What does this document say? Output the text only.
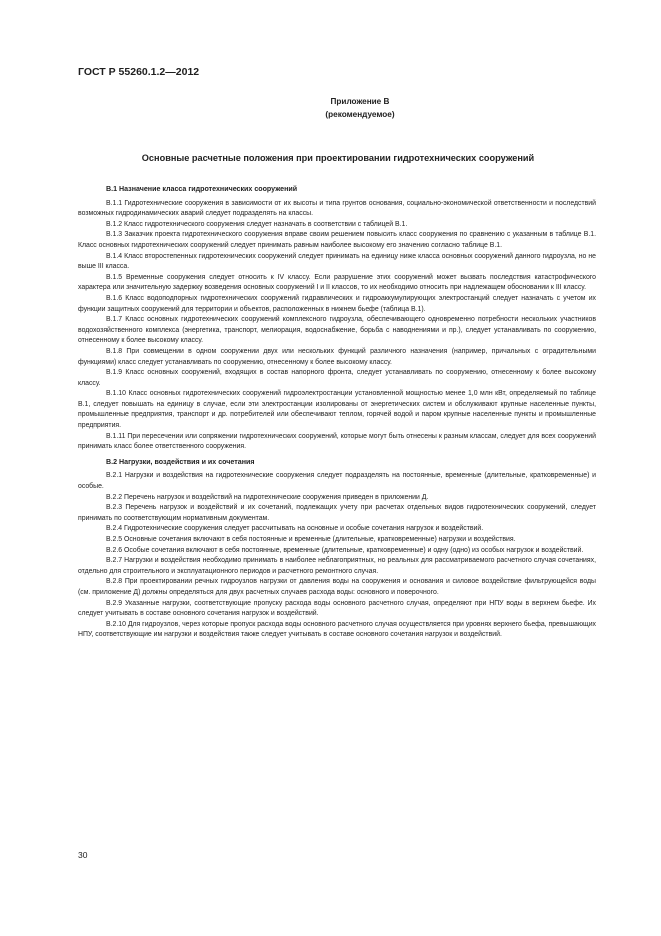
ГОСТ Р 55260.1.2—2012
Приложение В
(рекомендуемое)
Основные расчетные положения при проектировании гидротехнических сооружений
В.1 Назначение класса гидротехнических сооружений

В.1.1 Гидротехнические сооружения в зависимости от их высоты и типа грунтов основания, социально-экономической ответственности и последствий возможных гидродинамических аварий следует подразделять на классы.

В.1.2 Класс гидротехнического сооружения следует назначать в соответствии с таблицей В.1.

В.1.3 Заказчик проекта гидротехнического сооружения вправе своим решением повысить класс сооружения по сравнению с указанным в таблице В.1. Класс основных гидротехнических сооружений следует принимать равным наиболее высокому его значению согласно таблице В.1.

В.1.4 Класс второстепенных гидротехнических сооружений следует принимать на единицу ниже класса основных сооружений данного гидроузла, но не выше III класса.

В.1.5 Временные сооружения следует относить к IV классу. Если разрушение этих сооружений может вызвать последствия катастрофического характера или значительную задержку возведения основных сооружений I и II классов, то их необходимо относить при надлежащем обосновании к III классу.

В.1.6 Класс водоподпорных гидротехнических сооружений гидравлических и гидроаккумулирующих электростанций следует назначать с учетом их функции защитных сооружений для территории и объектов, расположенных в нижнем бьефе (таблица В.1).

В.1.7 Класс основных гидротехнических сооружений комплексного гидроузла, обеспечивающего одновременно потребности нескольких участников водохозяйственного комплекса (энергетика, транспорт, мелиорация, водоснабжение, борьба с наводнениями и пр.), следует устанавливать по сооружению, отнесенному к более высокому классу.

В.1.8 При совмещении в одном сооружении двух или нескольких функций различного назначения (например, причальных с оградительными функциями) класс следует устанавливать по сооружению, отнесенному к более высокому классу.

В.1.9 Класс основных сооружений, входящих в состав напорного фронта, следует устанавливать по сооружению, отнесенному к более высокому классу.

В.1.10 Класс основных гидротехнических сооружений гидроэлектростанции установленной мощностью менее 1,0 млн кВт, определяемый по таблице В.1, следует повышать на единицу в случае, если эти электростанции изолированы от энергетических систем и обслуживают крупные населенные пункты, промышленные предприятия, транспорт и др. потребителей или обеспечивают теплом, горячей водой и паром крупные населенные пункты и промышленные предприятия.

В.1.11 При пересечении или сопряжении гидротехнических сооружений, которые могут быть отнесены к разным классам, следует для всех сооружений принимать класс более ответственного сооружения.

В.2 Нагрузки, воздействия и их сочетания

В.2.1 Нагрузки и воздействия на гидротехнические сооружения следует подразделять на постоянные, временные (длительные, кратковременные) и особые.

В.2.2 Перечень нагрузок и воздействий на гидротехнические сооружения приведен в приложении Д.

В.2.3 Перечень нагрузок и воздействий и их сочетаний, подлежащих учету при расчетах отдельных видов гидротехнических сооружений, следует принимать по соответствующим нормативным документам.

В.2.4 Гидротехнические сооружения следует рассчитывать на основные и особые сочетания нагрузок и воздействий.

В.2.5 Основные сочетания включают в себя постоянные и временные (длительные, кратковременные) нагрузки и воздействия.

В.2.6 Особые сочетания включают в себя постоянные, временные (длительные, кратковременные) и одну (одно) из особых нагрузок и воздействий.

В.2.7 Нагрузки и воздействия необходимо принимать в наиболее неблагоприятных, но реальных для рассматриваемого расчетного случая сочетаниях, отдельно для строительного и эксплуатационного периодов и расчетного ремонтного случая.

В.2.8 При проектировании речных гидроузлов нагрузки от давления воды на сооружения и основания и силовое воздействие фильтрующейся воды (см. приложение Д) должны определяться для двух расчетных случаев расхода воды: основного и поверочного.

В.2.9 Указанные нагрузки, соответствующие пропуску расхода воды основного расчетного случая, определяют при НПУ воды в верхнем бьефе. Их следует учитывать в составе основного сочетания нагрузок и воздействий.

В.2.10 Для гидроузлов, через которые пропуск расхода воды основного расчетного случая осуществляется при уровнях верхнего бьефа, превышающих НПУ, соответствующие им нагрузки и воздействия также следует учитывать в составе основного сочетания нагрузок и воздействий.

30
